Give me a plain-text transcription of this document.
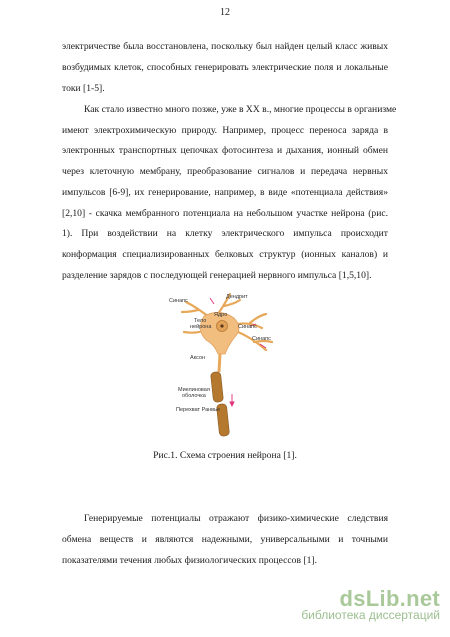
12
электричестве была восстановлена, поскольку был найден целый класс живых
возбудимых клеток, способных генерировать электрические поля и локальные
токи [1-5].
Как стало известно много позже, уже в XX в., многие процессы в организме
имеют электрохимическую природу. Например, процесс переноса заряда в
электронных транспортных цепочках фотосинтеза и дыхания, ионный обмен
через клеточную мембрану, преобразование сигналов и передача нервных
импульсов [6-9], их генерирование, например, в виде «потенциала действия»
[2,10] - скачка мембранного потенциала на небольшом участке нейрона (рис.
1). При воздействии на клетку электрического импульса происходит
конформация специализированных белковых структур (ионных каналов) и
разделение зарядов с последующей генерацией нервного импульса [1,5,10].
Синапс
Дендрит
Тело
нейрона
Ядро
Синапс
Синапс
Аксон
Миелиновая
оболочка
Перехват Ранвье
Рис.1. Схема строения нейрона [1].
Генерируемые потенциалы отражают физико-химические следствия
обмена веществ и являются надежными, универсальными и точными
показателями течения любых физиологических процессов [1].
dsLib.net
библиотека диссертаций
